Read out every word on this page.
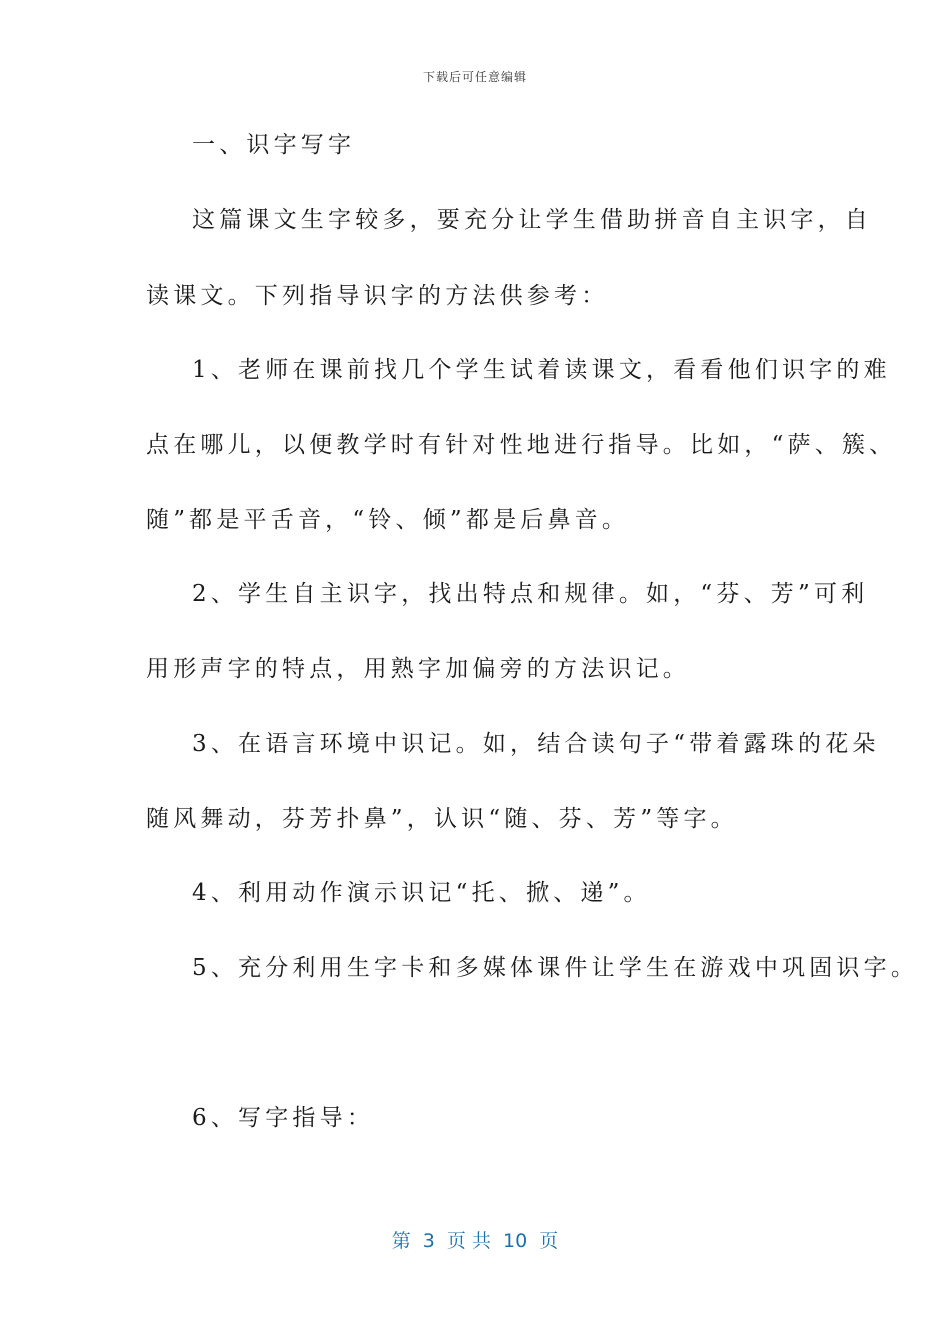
下载后可任意编辑
一、识字写字
这篇课文生字较多，要充分让学生借助拼音自主识字，自
读课文。下列指导识字的方法供参考：
1、老师在课前找几个学生试着读课文，看看他们识字的难
点在哪儿，以便教学时有针对性地进行指导。比如，“萨、簇、
随”都是平舌音，“铃、倾”都是后鼻音。
2、学生自主识字，找出特点和规律。如，“芬、芳”可利
用形声字的特点，用熟字加偏旁的方法识记。
3、在语言环境中识记。如，结合读句子“带着露珠的花朵
随风舞动，芬芳扑鼻”，认识“随、芬、芳”等字。
4、利用动作演示识记“托、掀、递”。
5、充分利用生字卡和多媒体课件让学生在游戏中巩固识字。
6、写字指导：
第  3  页 共  10  页
